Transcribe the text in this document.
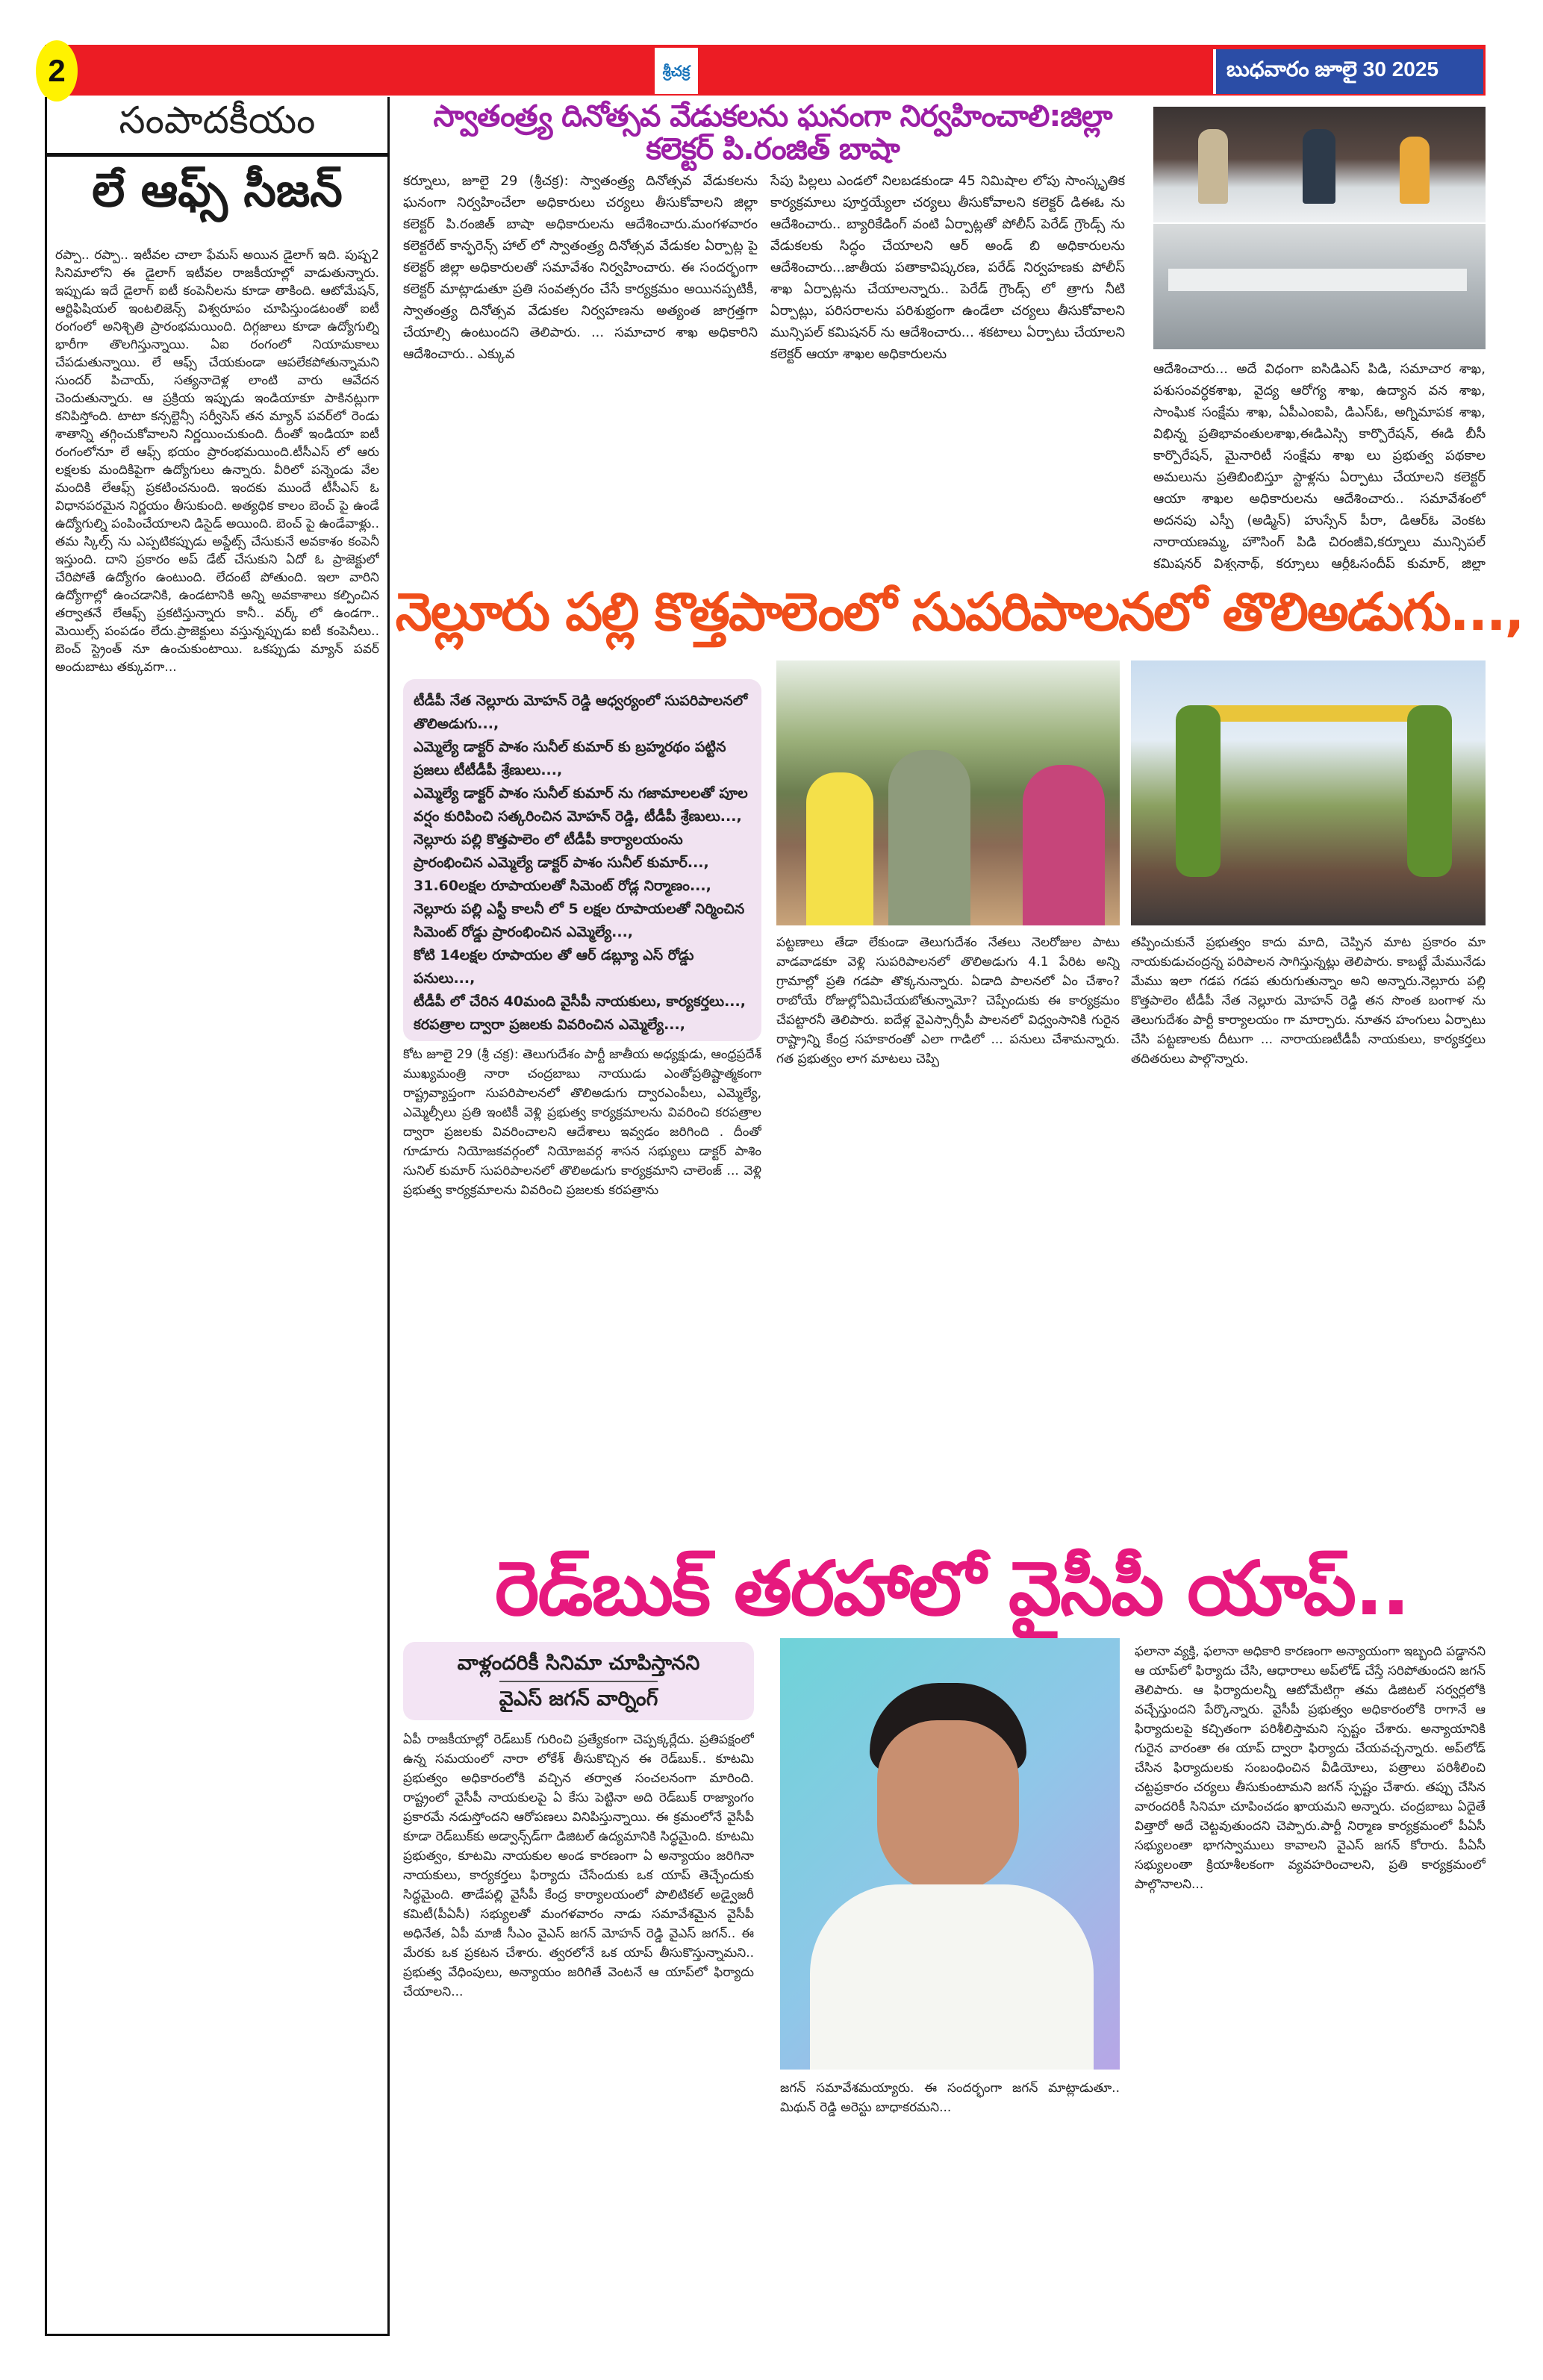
2	శ్రీచక్ర	బుధవారం జూలై 30 2025
సంపాదకీయం
లే ఆఫ్స్ సీజన్
రప్పా.. రప్పా.. ఇటీవల చాలా ఫేమస్ అయిన డైలాగ్ ఇది. పుష్ప2 సినిమాలోని ఈ డైలాగ్ ఇటీవల రాజకీయాల్లో వాడుతున్నారు. ఇప్పుడు ఇదే డైలాగ్ ఐటీ కంపెనీలను కూడా తాకింది. ఆటోమేషన్, ఆర్టిఫిషియల్ ఇంటలిజెన్స్ విశ్వరూపం చూపిస్తుండటంతో ఐటీ రంగంలో అనిశ్చితి ప్రారంభమయింది. దిగ్గజాలు కూడా ఉద్యోగుల్ని భారీగా తొలగిస్తున్నాయి. ఏఐ రంగంలో నియామకాలు చేపడుతున్నాయి. లే ఆఫ్స్ చేయకుండా ఆపలేకపోతున్నామని సుందర్ పిచాయ్, సత్యనాదెళ్ల లాంటి వారు ఆవేదన చెందుతున్నారు. ఆ ప్రక్రియ ఇప్పుడు ఇండియాకూ పాకినట్లుగా కనిపిస్తోంది. టాటా కన్సల్టెన్సీ సర్వీసెస్ తన మ్యాన్ పవర్‌లో రెండు శాతాన్ని తగ్గించుకోవాలని నిర్ణయించుకుంది. దీంతో ఇండియా ఐటీ రంగంలోనూ లే ఆఫ్స్ భయం ప్రారంభమయింది.టీసీఎస్ లో ఆరు లక్షలకు మందికిపైగా ఉద్యోగులు ఉన్నారు. వీరిలో పన్నెండు వేల మందికి లేఆఫ్స్ ప్రకటించనుంది. ఇందకు ముందే టీసీఎస్ ఓ విధానపరమైన నిర్ణయం తీసుకుంది. అత్యధిక కాలం బెంచ్ పై ఉండే ఉద్యోగుల్ని పంపించేయాలని డిసైడ్ అయింది. బెంచ్ పై ఉండేవాళ్లు.. తమ స్కిల్స్ ను ఎప్పటికప్పుడు అప్డేట్స్ చేసుకునే అవకాశం కంపెనీ ఇస్తుంది. దాని ప్రకారం అప్ డేట్ చేసుకుని ఏదో ఓ ప్రాజెక్టులో చేరిపోతే ఉద్యోగం ఉంటుంది. లేదంటే పోతుంది. ఇలా వారిని ఉద్యోగాల్లో ఉంచడానికి, ఉండటానికి అన్ని అవకాశాలు కల్పించిన తర్వాతనే లేఆఫ్స్ ప్రకటిస్తున్నారు కానీ.. వర్క్ లో ఉండగా.. మెయిల్స్ పంపడం లేదు.ప్రాజెక్టులు వస్తున్నప్పుడు ఐటీ కంపెనీలు.. బెంచ్ స్ట్రెంత్ నూ ఉంచుకుంటాయి. ఒకప్పుడు మ్యాన్ పవర్ అందుబాటు తక్కువగా...
స్వాతంత్ర్య దినోత్సవ వేడుకలను ఘనంగా నిర్వహించాలి:జిల్లా కలెక్టర్ పి.రంజిత్ బాషా
కర్నూలు, జూలై 29 (శ్రీచక్ర): స్వాతంత్ర్య దినోత్సవ వేడుకలను ఘనంగా నిర్వహించేలా అధికారులు చర్యలు తీసుకోవాలని జిల్లా కలెక్టర్ పి.రంజిత్ బాషా అధికారులను ఆదేశించారు.మంగళవారం కలెక్టరేట్ కాన్ఫరెన్స్ హాల్ లో స్వాతంత్ర్య దినోత్సవ వేడుకల ఏర్పాట్ల పై కలెక్టర్ జిల్లా అధికారులతో సమావేశం నిర్వహించారు. ఈ సందర్భంగా కలెక్టర్ మాట్లాడుతూ ప్రతి సంవత్సరం చేసే కార్యక్రమం అయినప్పటికీ, స్వాతంత్ర్య దినోత్సవ వేడుకల నిర్వహణను అత్యంత జాగ్రత్తగా చేయాల్సి ఉంటుందని తెలిపారు. ... సమాచార శాఖ అధికారిని ఆదేశించారు.. ఎక్కువ
సేపు పిల్లలు ఎండలో నిలబడకుండా 45 నిమిషాల లోపు సాంస్కృతిక కార్యక్రమాలు పూర్తయ్యేలా చర్యలు తీసుకోవాలని కలెక్టర్ డిఈఓ ను ఆదేశించారు.. బ్యారికేడింగ్ వంటి ఏర్పాట్లతో పోలీస్ పెరేడ్ గ్రౌండ్స్ ను వేడుకలకు సిద్ధం చేయాలని ఆర్ అండ్ బి అధికారులను ఆదేశించారు...జాతీయ పతాకావిష్కరణ, పరేడ్ నిర్వహణకు పోలీస్ శాఖ ఏర్పాట్లను చేయాలన్నారు.. పెరేడ్ గ్రౌండ్స్ లో త్రాగు నీటి ఏర్పాట్లు, పరిసరాలను పరిశుభ్రంగా ఉండేలా చర్యలు తీసుకోవాలని మున్సిపల్ కమిషనర్ ను ఆదేశించారు... శకటాలు ఏర్పాటు చేయాలని కలెక్టర్ ఆయా శాఖల అధికారులను
ఆదేశించారు... అదే విధంగా ఐసిడిఎస్ పిడి, సమాచార శాఖ, పశుసంవర్ధకశాఖ, వైద్య ఆరోగ్య శాఖ, ఉద్యాన వన శాఖ, సాంఘిక సంక్షేమ శాఖ, ఏపీఎంఐపి, డిఎస్ఓ, అగ్నిమాపక శాఖ, విభిన్న ప్రతిభావంతులశాఖ,ఈడిఎస్సి కార్పొరేషన్, ఈడి బీసీ కార్పొరేషన్, మైనారిటీ సంక్షేమ శాఖ లు ప్రభుత్వ పథకాల అమలును ప్రతిబింబిస్తూ స్టాళ్లను ఏర్పాటు చేయాలని కలెక్టర్ ఆయా శాఖల అధికారులను ఆదేశించారు.. సమావేశంలో అదనపు ఎస్పీ (అడ్మిన్) హుస్సేన్ పీరా, డిఆర్ఓ వెంకట నారాయణమ్మ, హౌసింగ్ పిడి చిరంజీవి,కర్నూలు మున్సిపల్ కమిషనర్ విశ్వనాథ్, కర్నూలు ఆర్డీఓసందీప్ కుమార్, జిల్లా
నెల్లూరు పల్లి కొత్తపాలెంలో సుపరిపాలనలో తొలిఅడుగు...,
టీడీపీ నేత నెల్లూరు మోహన్ రెడ్డి ఆధ్వర్యంలో సుపరిపాలనలో తొలిఅడుగు...,
ఎమ్మెల్యే డాక్టర్ పాశం సునీల్ కుమార్ కు బ్రహ్మరథం పట్టిన ప్రజలు టీటీడీపీ శ్రేణులు...,
ఎమ్మెల్యే డాక్టర్ పాశం సునీల్ కుమార్ ను గజామాలలతో పూల వర్షం కురిపించి సత్కరించిన మోహన్ రెడ్డి, టీడీపీ శ్రేణులు...,
నెల్లూరు పల్లి కొత్తపాలెం లో టీడీపీ కార్యాలయంను ప్రారంభించిన ఎమ్మెల్యే డాక్టర్ పాశం సునీల్ కుమార్...,
31.60లక్షల రూపాయలతో సిమెంట్ రోడ్ల నిర్మాణం...,
నెల్లూరు పల్లి ఎస్టీ కాలనీ లో 5 లక్షల రూపాయలతో నిర్మించిన సిమెంట్ రోడ్డు ప్రారంభించిన ఎమ్మెల్యే...,
కోటి 14లక్షల రూపాయల తో ఆర్ డబ్ల్యూ ఎస్ రోడ్డు పనులు...,
టీడీపీ లో చేరిన 40మంది వైసీపీ నాయకులు, కార్యకర్తలు...,
కరపత్రాల ద్వారా ప్రజలకు వివరించిన ఎమ్మెల్యే...,
కోట జూలై 29 (శ్రీ చక్ర): తెలుగుదేశం పార్టీ జాతీయ అధ్యక్షుడు, ఆంధ్రప్రదేశ్ ముఖ్యమంత్రి నారా చంద్రబాబు నాయుడు ఎంతోప్రతిష్టాత్మకంగా రాష్ట్రవ్యాప్తంగా సుపరిపాలనలో తొలిఅడుగు ద్వారఎంపీలు, ఎమ్మెల్యే, ఎమ్మెల్సీలు ప్రతి ఇంటికీ వెళ్లి ప్రభుత్వ కార్యక్రమాలను వివరించి కరపత్రాల ద్వారా ప్రజలకు వివరించాలని ఆదేశాలు ఇవ్వడం జరిగింది . దీంతో గూడూరు నియోజకవర్గంలో నియోజవర్గ శాసన సభ్యులు డాక్టర్ పాశిం సునిల్ కుమార్ సుపరిపాలనలో తొలిఅడుగు కార్యక్రమాని చాలెంజ్ ... వెళ్లి ప్రభుత్వ కార్యక్రమాలను వివరించి ప్రజలకు కరపత్రాను
పట్టణాలు తేడా లేకుండా తెలుగుదేశం నేతలు నెలరోజుల పాటు వాడవాడకూ వెళ్లి సుపరిపాలనలో తొలిఅడుగు 4.1 పేరిట అన్ని గ్రామాల్లో ప్రతి గడపా తొక్కనున్నారు. ఏడాది పాలనలో ఏం చేశాం? రాబోయే రోజుల్లోఏమిచేయబోతున్నామో? చెప్పేందుకు ఈ కార్యక్రమం చేపట్టారనీ తెలిపారు. ఐదేళ్ల వైఎస్సార్సీపీ పాలనలో విధ్వంసానికి గురైన రాష్ట్రాన్ని కేంద్ర సహకారంతో ఎలా గాడిలో ... పనులు చేశామన్నారు. గత ప్రభుత్వం లాగ మాటలు చెప్పి
తప్పించుకునే ప్రభుత్వం కాదు మాది, చెప్పిన మాట ప్రకారం మా నాయకుడుచంద్రన్న పరిపాలన సాగిస్తున్నట్లు తెలిపారు. కాబట్టే మేమునేడు మేము ఇలా గడప గడప తురుగుతున్నాం అని అన్నారు.నెల్లూరు పల్లి కొత్తపాలెం టీడీపీ నేత నెల్లూరు మోహన్ రెడ్డి తన సొంత బంగాళ ను తెలుగుదేశం పార్టీ కార్యాలయం గా మార్చారు. నూతన హంగులు ఏర్పాటు చేసి పట్టణాలకు దీటుగా ... నారాయణటీడీపీ నాయకులు, కార్యకర్తలు తదితరులు పాల్గొన్నారు.
రెడ్‌బుక్ తరహాలో వైసీపీ యాప్..
వాళ్లందరికీ సినిమా చూపిస్తానని
వైఎస్ జగన్ వార్నింగ్
ఏపీ రాజకీయాల్లో రెడ్‌బుక్ గురించి ప్రత్యేకంగా చెప్పక్కర్లేదు. ప్రతిపక్షంలో ఉన్న సమయంలో నారా లోకేశ్ తీసుకొచ్చిన ఈ రెడ్‌బుక్.. కూటమి ప్రభుత్వం అధికారంలోకి వచ్చిన తర్వాత సంచలనంగా మారింది. రాష్ట్రంలో వైసీపీ నాయకులపై ఏ కేసు పెట్టినా అది రెడ్‌బుక్ రాజ్యాంగం ప్రకారమే నడుస్తోందని ఆరోపణలు వినిపిస్తున్నాయి. ఈ క్రమంలోనే వైసీపీ కూడా రెడ్‌బుక్‌కు అడ్వాన్స్‌డ్‌గా డిజిటల్ ఉద్యమానికి సిద్ధమైంది. కూటమి ప్రభుత్వం, కూటమి నాయకుల అండ కారణంగా ఏ అన్యాయం జరిగినా నాయకులు, కార్యకర్తలు ఫిర్యాదు చేసేందుకు ఒక యాప్ తెచ్చేందుకు సిద్ధమైంది. తాడేపల్లి వైసీపీ కేంద్ర కార్యాలయంలో పొలిటికల్ అడ్వైజరీ కమిటీ(పీఏసీ) సభ్యులతో మంగళవారం నాడు సమావేశమైన వైసీపీ అధినేత, ఏపీ మాజీ సీఎం వైఎస్ జగన్ మోహన్ రెడ్డి వైఎస్ జగన్.. ఈ మేరకు ఒక ప్రకటన చేశారు. త్వరలోనే ఒక యాప్ తీసుకొస్తున్నామని.. ప్రభుత్వ వేధింపులు, అన్యాయం జరిగితే వెంటనే ఆ యాప్‌లో ఫిర్యాదు చేయాలని...
జగన్ సమావేశమయ్యారు. ఈ సందర్భంగా జగన్ మాట్లాడుతూ.. మిథున్ రెడ్డి అరెస్టు బాధాకరమని...
ఫలానా వ్యక్తి, ఫలానా అధికారి కారణంగా అన్యాయంగా ఇబ్బంది పడ్డానని ఆ యాప్‌లో ఫిర్యాదు చేసి, ఆధారాలు అప్‌లోడ్ చేస్తే సరిపోతుందని జగన్ తెలిపారు. ఆ ఫిర్యాదులన్నీ ఆటోమేటిగ్గా తమ డిజిటల్ సర్వర్లలోకి వచ్చేస్తుందని పేర్కొన్నారు. వైసీపీ ప్రభుత్వం అధికారంలోకి రాగానే ఆ ఫిర్యాదులపై కచ్చితంగా పరిశీలిస్తామని స్పష్టం చేశారు. అన్యాయానికి గురైన వారంతా ఈ యాప్ ద్వారా ఫిర్యాదు చేయవచ్చన్నారు. అప్‌లోడ్ చేసిన ఫిర్యాదులకు సంబంధించిన వీడియోలు, పత్రాలు పరిశీలించి చట్టప్రకారం చర్యలు తీసుకుంటామని జగన్ స్పష్టం చేశారు. తప్పు చేసిన వారందరికీ సినిమా చూపించడం ఖాయమని అన్నారు. చంద్రబాబు ఏదైతే విత్తారో అదే చెట్టవుతుందని చెప్పారు.పార్టీ నిర్మాణ కార్యక్రమంలో పీఏసీ సభ్యులంతా భాగస్వాములు కావాలని వైఎస్ జగన్ కోరారు. పీఏసీ సభ్యులంతా క్రియాశీలకంగా వ్యవహరించాలని, ప్రతి కార్యక్రమంలో పాల్గొనాలని...
